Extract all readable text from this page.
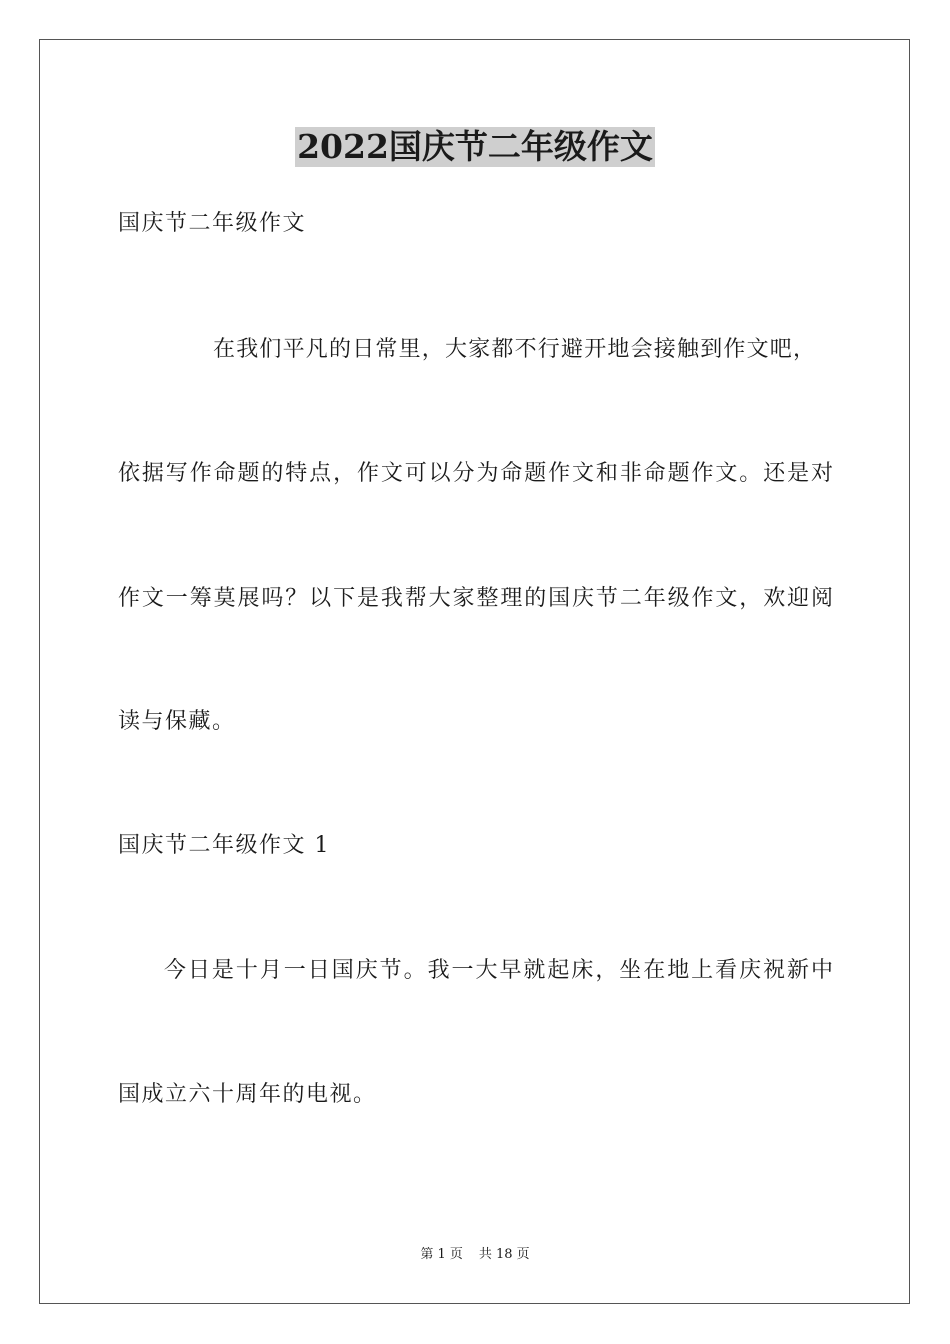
2022国庆节二年级作文
国庆节二年级作文
在我们平凡的日常里，大家都不行避开地会接触到作文吧，
依据写作命题的特点，作文可以分为命题作文和非命题作文。还是对
作文一筹莫展吗？以下是我帮大家整理的国庆节二年级作文，欢迎阅
读与保藏。
国庆节二年级作文 1
今日是十月一日国庆节。我一大早就起床，坐在地上看庆祝新中
国成立六十周年的电视。
第 1 页 共 18 页
